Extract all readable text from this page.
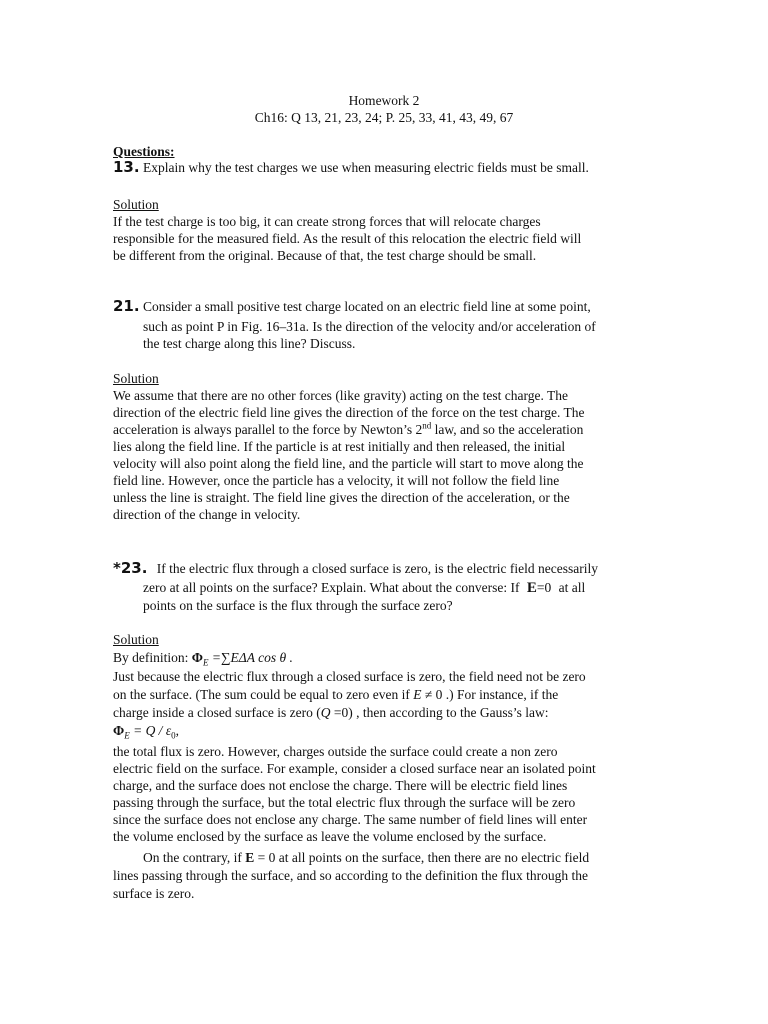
Homework 2
Ch16: Q 13, 21, 23, 24; P. 25, 33, 41, 43, 49, 67
Questions:
13. Explain why the test charges we use when measuring electric fields must be small.
Solution
If the test charge is too big, it can create strong forces that will relocate charges
responsible for the measured field. As the result of this relocation the electric field will
be different from the original. Because of that, the test charge should be small.
21. Consider a small positive test charge located on an electric field line at some point,
such as point P in Fig. 16–31a. Is the direction of the velocity and/or acceleration of
the test charge along this line? Discuss.
Solution
We assume that there are no other forces (like gravity) acting on the test charge. The
direction of the electric field line gives the direction of the force on the test charge. The
acceleration is always parallel to the force by Newton’s 2nd law, and so the acceleration
lies along the field line. If the particle is at rest initially and then released, the initial
velocity will also point along the field line, and the particle will start to move along the
field line. However, once the particle has a velocity, it will not follow the field line
unless the line is straight. The field line gives the direction of the acceleration, or the
direction of the change in velocity.
*23. If the electric flux through a closed surface is zero, is the electric field necessarily
zero at all points on the surface? Explain. What about the converse: If E=0 at all
points on the surface is the flux through the surface zero?
Solution
By definition: $\Phi_E =\sum E\Delta A$ cos θ .
Just because the electric flux through a closed surface is zero, the field need not be zero
on the surface. (The sum could be equal to zero even if E ≠ 0 .) For instance, if the
charge inside a closed surface is zero (Q =0) , then according to the Gauss’s law:
$\Phi_E = Q / \varepsilon_0$,
the total flux is zero. However, charges outside the surface could create a non zero
electric field on the surface. For example, consider a closed surface near an isolated point
charge, and the surface does not enclose the charge. There will be electric field lines
passing through the surface, but the total electric flux through the surface will be zero
since the surface does not enclose any charge. The same number of field lines will enter
the volume enclosed by the surface as leave the volume enclosed by the surface.
On the contrary, if E = 0 at all points on the surface, then there are no electric field
lines passing through the surface, and so according to the definition the flux through the
surface is zero.
